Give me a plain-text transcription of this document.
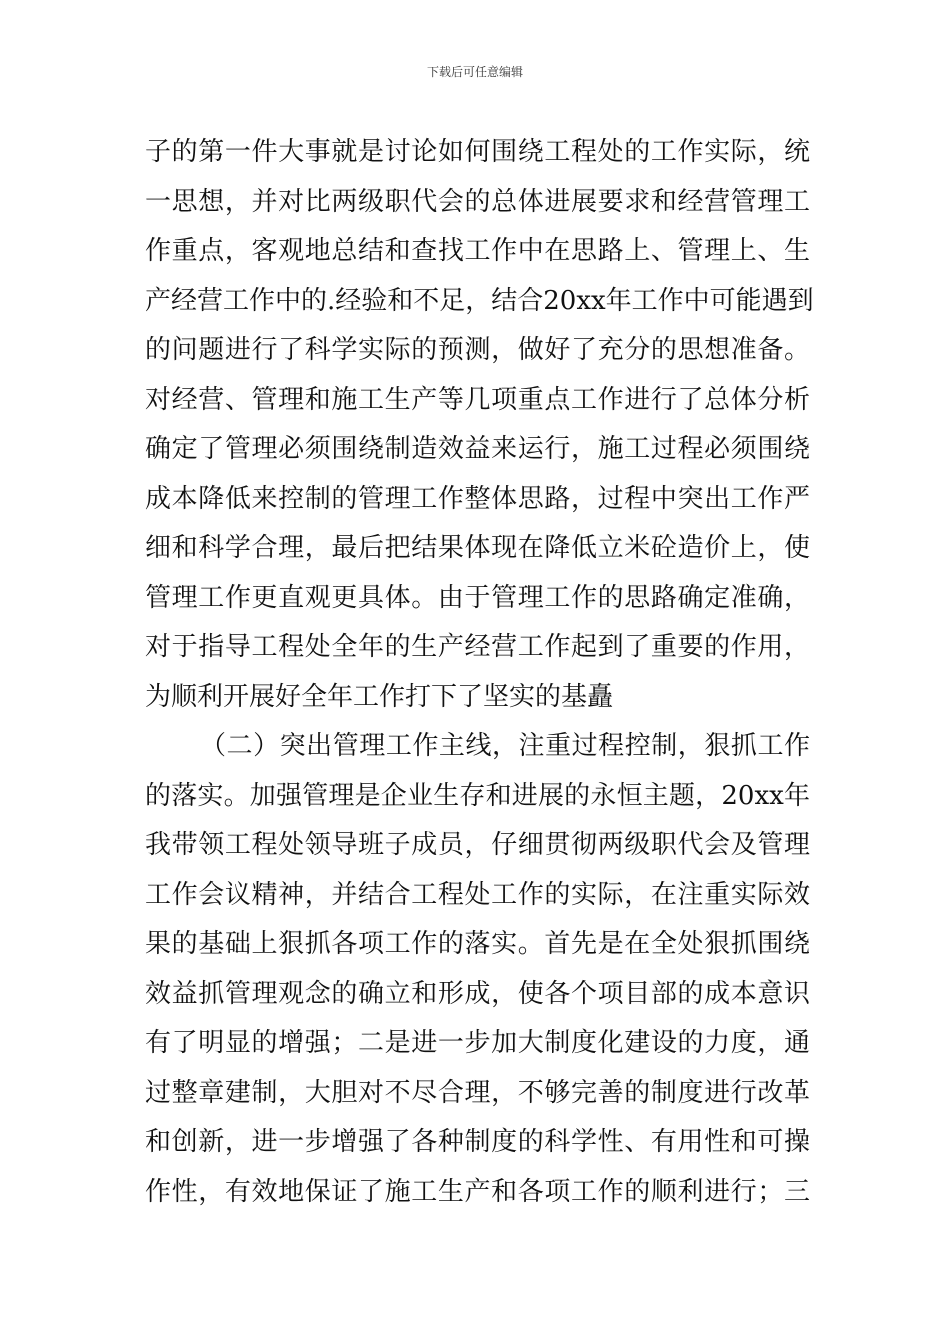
下载后可任意编辑
子的第一件大事就是讨论如何围绕工程处的工作实际，统
一思想，并对比两级职代会的总体进展要求和经营管理工
作重点，客观地总结和查找工作中在思路上、管理上、生
产经营工作中的.经验和不足，结合20xx年工作中可能遇到
的问题进行了科学实际的预测，做好了充分的思想准备。
对经营、管理和施工生产等几项重点工作进行了总体分析
确定了管理必须围绕制造效益来运行，施工过程必须围绕
成本降低来控制的管理工作整体思路，过程中突出工作严
细和科学合理，最后把结果体现在降低立米砼造价上，使
管理工作更直观更具体。由于管理工作的思路确定准确，
对于指导工程处全年的生产经营工作起到了重要的作用，
为顺利开展好全年工作打下了坚实的基矗
（二）突出管理工作主线，注重过程控制，狠抓工作
的落实。加强管理是企业生存和进展的永恒主题，20xx年
我带领工程处领导班子成员，仔细贯彻两级职代会及管理
工作会议精神，并结合工程处工作的实际，在注重实际效
果的基础上狠抓各项工作的落实。首先是在全处狠抓围绕
效益抓管理观念的确立和形成，使各个项目部的成本意识
有了明显的增强；二是进一步加大制度化建设的力度，通
过整章建制，大胆对不尽合理，不够完善的制度进行改革
和创新，进一步增强了各种制度的科学性、有用性和可操
作性，有效地保证了施工生产和各项工作的顺利进行；三
